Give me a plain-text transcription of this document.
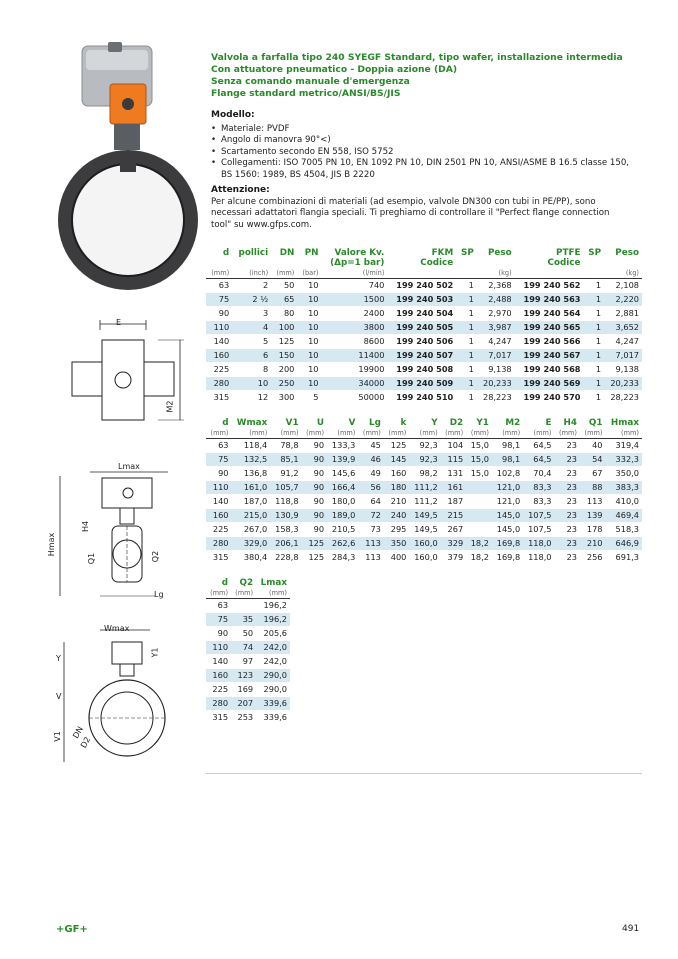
E
M2
Lmax
Hmax
H4
Q1	Q2
Lg
Wmax
Y
Y1
V
V1 DN
D2
Valvola a farfalla tipo 240 SYEGF Standard, tipo wafer, installazione intermedia
Con attuatore pneumatico - Doppia azione (DA)
Senza comando manuale d'emergenza
Flange standard metrico/ANSI/BS/JIS
Modello:
• Materiale: PVDF
• Angolo di manovra 90°<)
• Scartamento secondo EN 558, ISO 5752
• Collegamenti: ISO 7005 PN 10, EN 1092 PN 10, DIN 2501 PN 10, ANSI/ASME B 16.5 classe 150, BS 1560: 1989, BS 4504, JIS B 2220
Attenzione:
Per alcune combinazioni di materiali (ad esempio, valvole DN300 con tubi in PE/PP), sono necessari adattatori flangia speciali. Ti preghiamo di controllare il "Perfect flange connection tool" su www.gfps.com.
d	pollici	DN	PN	Valore Kv.	FKM	SP	Peso	PTFE	SP	Peso
				(Δp=1 bar)	Codice			Codice		
(mm)	(inch)	(mm)	(bar)	(l/min)			(kg)			(kg)
63	2	50	10	740	199 240 502	1	2,368	199 240 562	1	2,108
75	2 ½	65	10	1500	199 240 503	1	2,488	199 240 563	1	2,220
90	3	80	10	2400	199 240 504	1	2,970	199 240 564	1	2,881
110	4	100	10	3800	199 240 505	1	3,987	199 240 565	1	3,652
140	5	125	10	8600	199 240 506	1	4,247	199 240 566	1	4,247
160	6	150	10	11400	199 240 507	1	7,017	199 240 567	1	7,017
225	8	200	10	19900	199 240 508	1	9,138	199 240 568	1	9,138
280	10	250	10	34000	199 240 509	1	20,233	199 240 569	1	20,233
315	12	300	5	50000	199 240 510	1	28,223	199 240 570	1	28,223
d	Wmax	V1	U	V	Lg	k	Y	D2	Y1	M2	E	H4	Q1	Hmax
(mm)	(mm)	(mm)	(mm)	(mm)	(mm)	(mm)	(mm)	(mm)	(mm)	(mm)	(mm)	(mm)	(mm)	(mm)
63	118,4	78,8	90	133,3	45	125	92,3	104	15,0	98,1	64,5	23	40	319,4
75	132,5	85,1	90	139,9	46	145	92,3	115	15,0	98,1	64,5	23	54	332,3
90	136,8	91,2	90	145,6	49	160	98,2	131	15,0	102,8	70,4	23	67	350,0
110	161,0	105,7	90	166,4	56	180	111,2	161		121,0	83,3	23	88	383,3
140	187,0	118,8	90	180,0	64	210	111,2	187		121,0	83,3	23	113	410,0
160	215,0	130,9	90	189,0	72	240	149,5	215		145,0	107,5	23	139	469,4
225	267,0	158,3	90	210,5	73	295	149,5	267		145,0	107,5	23	178	518,3
280	329,0	206,1	125	262,6	113	350	160,0	329	18,2	169,8	118,0	23	210	646,9
315	380,4	228,8	125	284,3	113	400	160,0	379	18,2	169,8	118,0	23	256	691,3
d	Q2	Lmax
(mm)	(mm)	(mm)
63		196,2
75	35	196,2
90	50	205,6
110	74	242,0
140	97	242,0
160	123	290,0
225	169	290,0
280	207	339,6
315	253	339,6
+GF+	491
